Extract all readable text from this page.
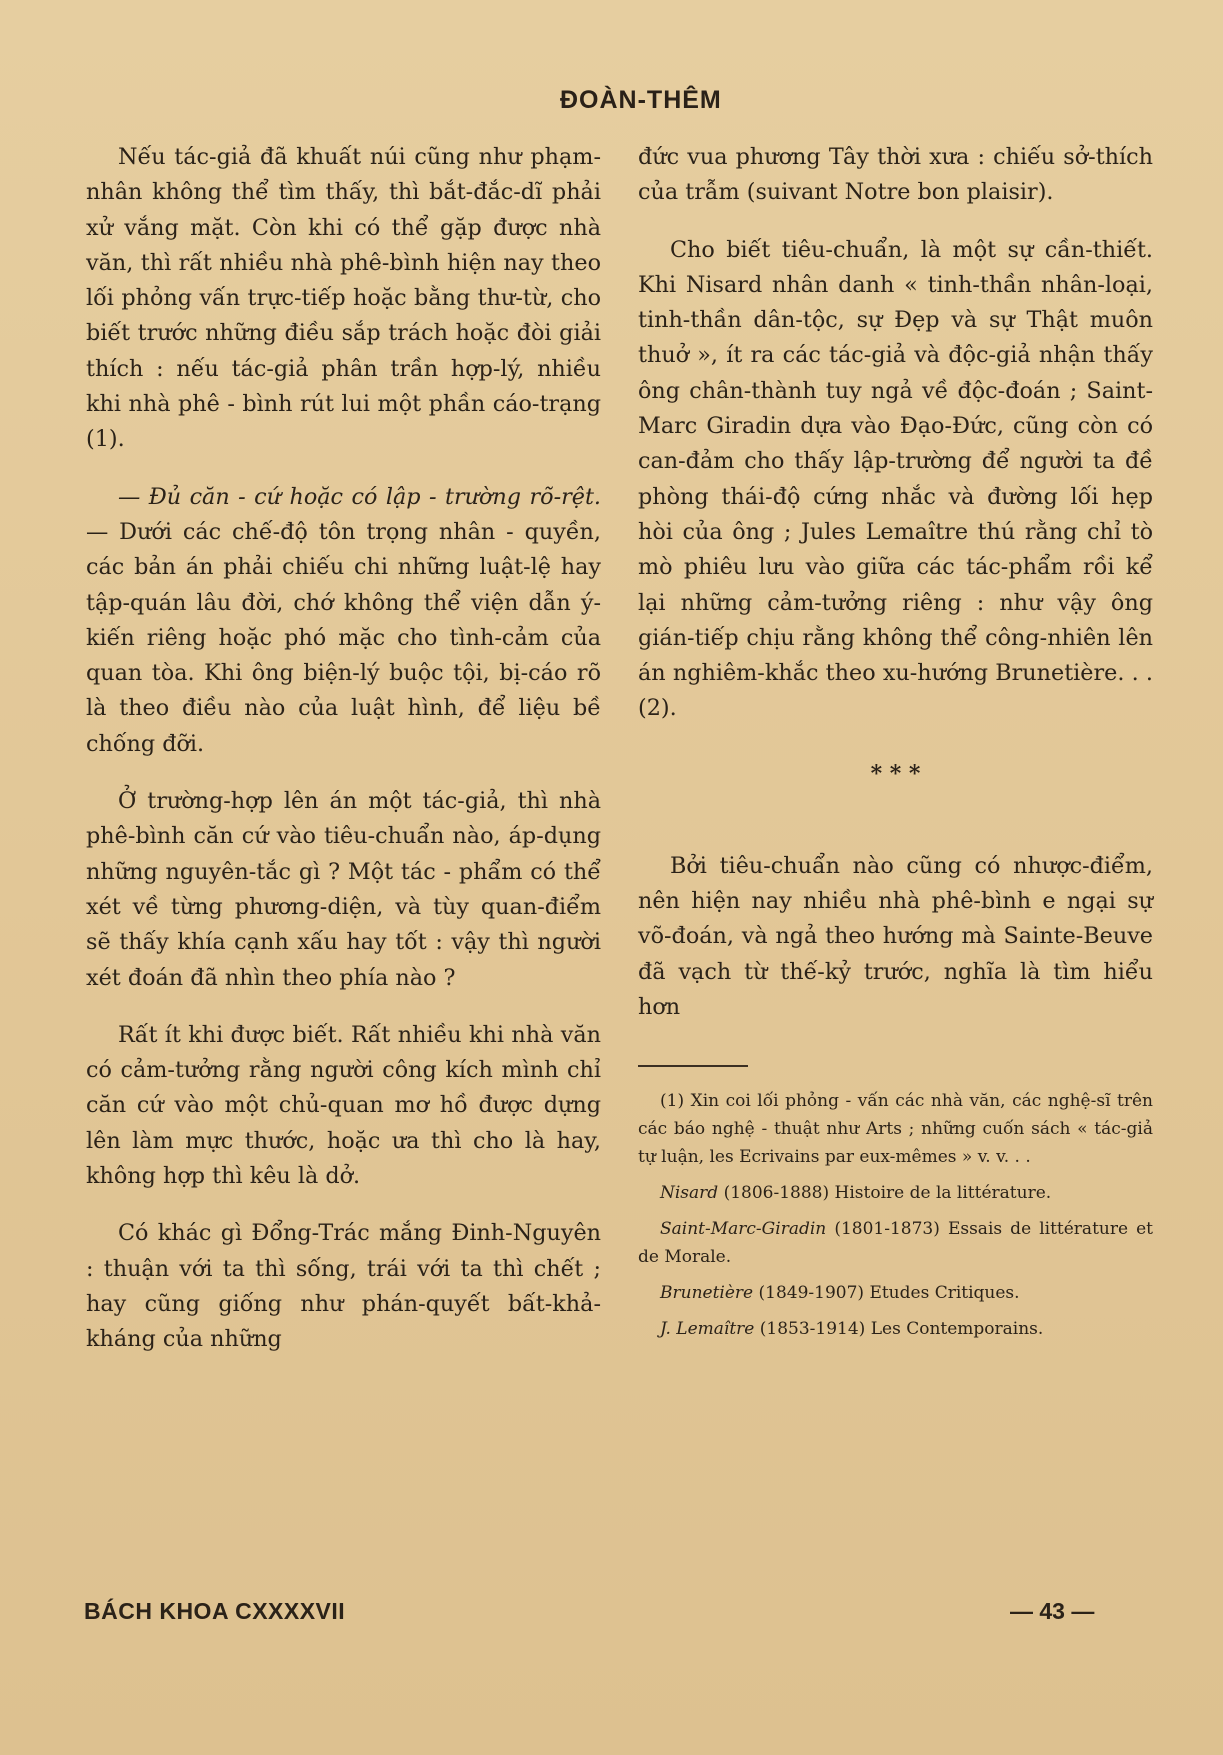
ĐOÀN-THÊM

Nếu tác-giả đã khuất núi cũng như phạm-nhân không thể tìm thấy, thì bắt-đắc-dĩ phải xử vắng mặt. Còn khi có thể gặp được nhà văn, thì rất nhiều nhà phê-bình hiện nay theo lối phỏng vấn trực-tiếp hoặc bằng thư-từ, cho biết trước những điều sắp trách hoặc đòi giải thích : nếu tác-giả phân trần hợp-lý, nhiều khi nhà phê - bình rút lui một phần cáo-trạng (1).

— Đủ căn - cứ hoặc có lập - trường rõ-rệt. — Dưới các chế-độ tôn trọng nhân - quyền, các bản án phải chiếu chi những luật-lệ hay tập-quán lâu đời, chớ không thể viện dẫn ý-kiến riêng hoặc phó mặc cho tình-cảm của quan tòa. Khi ông biện-lý buộc tội, bị-cáo rõ là theo điều nào của luật hình, để liệu bề chống đỡi.

Ở trường-hợp lên án một tác-giả, thì nhà phê-bình căn cứ vào tiêu-chuẩn nào, áp-dụng những nguyên-tắc gì ? Một tác - phẩm có thể xét về từng phương-diện, và tùy quan-điểm sẽ thấy khía cạnh xấu hay tốt : vậy thì người xét đoán đã nhìn theo phía nào ?

Rất ít khi được biết. Rất nhiều khi nhà văn có cảm-tưởng rằng người công kích mình chỉ căn cứ vào một chủ-quan mơ hồ được dựng lên làm mực thước, hoặc ưa thì cho là hay, không hợp thì kêu là dở.

Có khác gì Đổng-Trác mắng Đinh-Nguyên : thuận với ta thì sống, trái với ta thì chết ; hay cũng giống như phán-quyết bất-khả-kháng của những

đức vua phương Tây thời xưa : chiếu sở-thích của trẫm (suivant Notre bon plaisir).

Cho biết tiêu-chuẩn, là một sự cần-thiết. Khi Nisard nhân danh « tinh-thần nhân-loại, tinh-thần dân-tộc, sự Đẹp và sự Thật muôn thuở », ít ra các tác-giả và độc-giả nhận thấy ông chân-thành tuy ngả về độc-đoán ; Saint-Marc Giradin dựa vào Đạo-Đức, cũng còn có can-đảm cho thấy lập-trường để người ta đề phòng thái-độ cứng nhắc và đường lối hẹp hòi của ông ; Jules Lemaître thú rằng chỉ tò mò phiêu lưu vào giữa các tác-phẩm rồi kể lại những cảm-tưởng riêng : như vậy ông gián-tiếp chịu rằng không thể công-nhiên lên án nghiêm-khắc theo xu-hướng Brunetière. . . (2).

* * *

Bởi tiêu-chuẩn nào cũng có nhược-điểm, nên hiện nay nhiều nhà phê-bình e ngại sự võ-đoán, và ngả theo hướng mà Sainte-Beuve đã vạch từ thế-kỷ trước, nghĩa là tìm hiểu hơn

(1) Xin coi lối phỏng - vấn các nhà văn, các nghệ-sĩ trên các báo nghệ - thuật như Arts ; những cuốn sách « tác-giả tự luận, les Ecrivains par eux-mêmes » v. v. . .

Nisard (1806-1888) Histoire de la littérature.

Saint-Marc-Giradin (1801-1873) Essais de littérature et de Morale.

Brunetière (1849-1907) Etudes Critiques.

J. Lemaître (1853-1914) Les Contemporains.

BÁCH KHOA CXXXXVII	— 43 —
